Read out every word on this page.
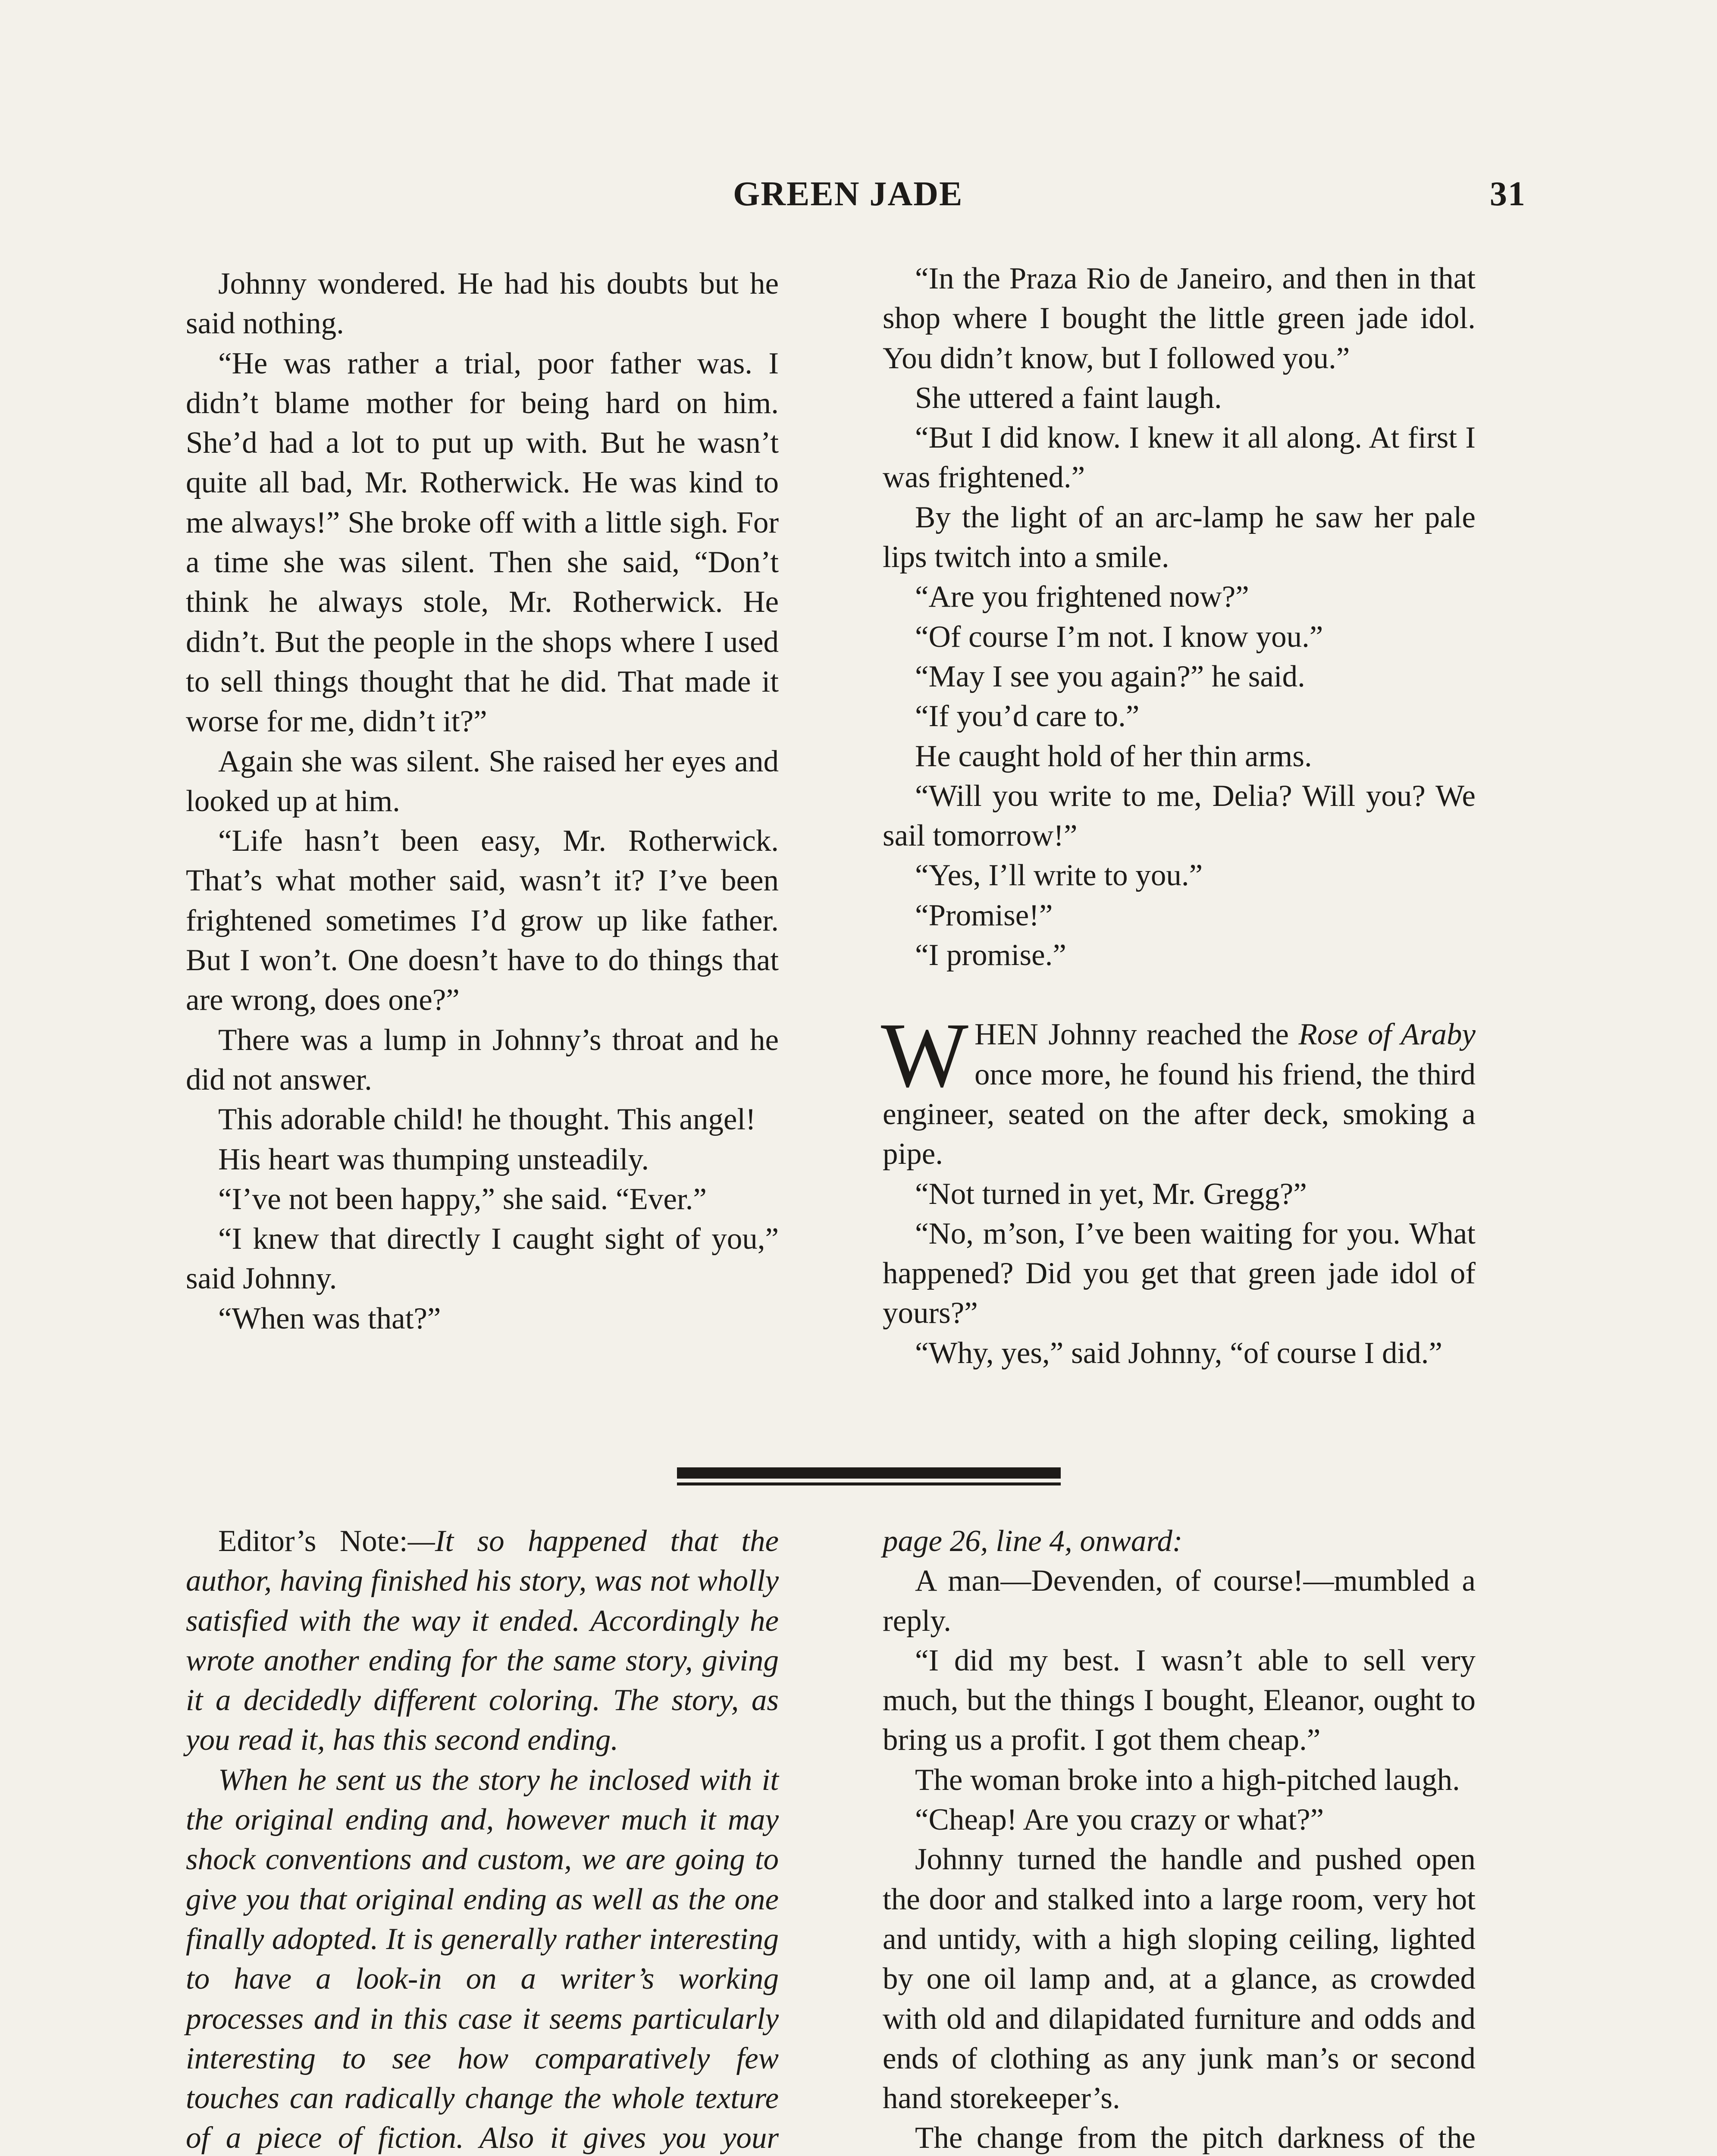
GREEN JADE	31

Johnny wondered. He had his doubts but he said nothing.

“He was rather a trial, poor father was. I didn’t blame mother for being hard on him. She’d had a lot to put up with. But he wasn’t quite all bad, Mr. Rotherwick. He was kind to me always!” She broke off with a little sigh. For a time she was silent. Then she said, “Don’t think he always stole, Mr. Rotherwick. He didn’t. But the people in the shops where I used to sell things thought that he did. That made it worse for me, didn’t it?”

Again she was silent. She raised her eyes and looked up at him.

“Life hasn’t been easy, Mr. Rotherwick. That’s what mother said, wasn’t it? I’ve been frightened sometimes I’d grow up like father. But I won’t. One doesn’t have to do things that are wrong, does one?”

There was a lump in Johnny’s throat and he did not answer.

This adorable child! he thought. This angel!

His heart was thumping unsteadily.

“I’ve not been happy,” she said. “Ever.”

“I knew that directly I caught sight of you,” said Johnny.

“When was that?”

“In the Praza Rio de Janeiro, and then in that shop where I bought the little green jade idol. You didn’t know, but I followed you.”

She uttered a faint laugh.

“But I did know. I knew it all along. At first I was frightened.”

By the light of an arc-lamp he saw her pale lips twitch into a smile.

“Are you frightened now?”

“Of course I’m not. I know you.”

“May I see you again?” he said.

“If you’d care to.”

He caught hold of her thin arms.

“Will you write to me, Delia? Will you? We sail tomorrow!”

“Yes, I’ll write to you.”

“Promise!”

“I promise.”

WHEN Johnny reached the Rose of Araby once more, he found his friend, the third engineer, seated on the after deck, smoking a pipe.

“Not turned in yet, Mr. Gregg?”

“No, m’son, I’ve been waiting for you. What happened? Did you get that green jade idol of yours?”

“Why, yes,” said Johnny, “of course I did.”

Editor’s Note:—It so happened that the author, having finished his story, was not wholly satisfied with the way it ended. Accordingly he wrote another ending for the same story, giving it a decidedly different coloring. The story, as you read it, has this second ending.

When he sent us the story he inclosed with it the original ending and, however much it may shock conventions and custom, we are going to give you that original ending as well as the one finally adopted. It is generally rather interesting to have a look-in on a writer’s working processes and in this case it seems particularly interesting to see how comparatively few touches can radically change the whole texture of a piece of fiction. Also it gives you your

page 26, line 4, onward:

A man—Devenden, of course!—mumbled a reply.

“I did my best. I wasn’t able to sell very much, but the things I bought, Eleanor, ought to bring us a profit. I got them cheap.”

The woman broke into a high-pitched laugh.

“Cheap! Are you crazy or what?”

Johnny turned the handle and pushed open the door and stalked into a large room, very hot and untidy, with a high sloping ceiling, lighted by one oil lamp and, at a glance, as crowded with old and dilapidated furniture and odds and ends of clothing as any junk man’s or second hand storekeeper’s.

The change from the pitch darkness of the
